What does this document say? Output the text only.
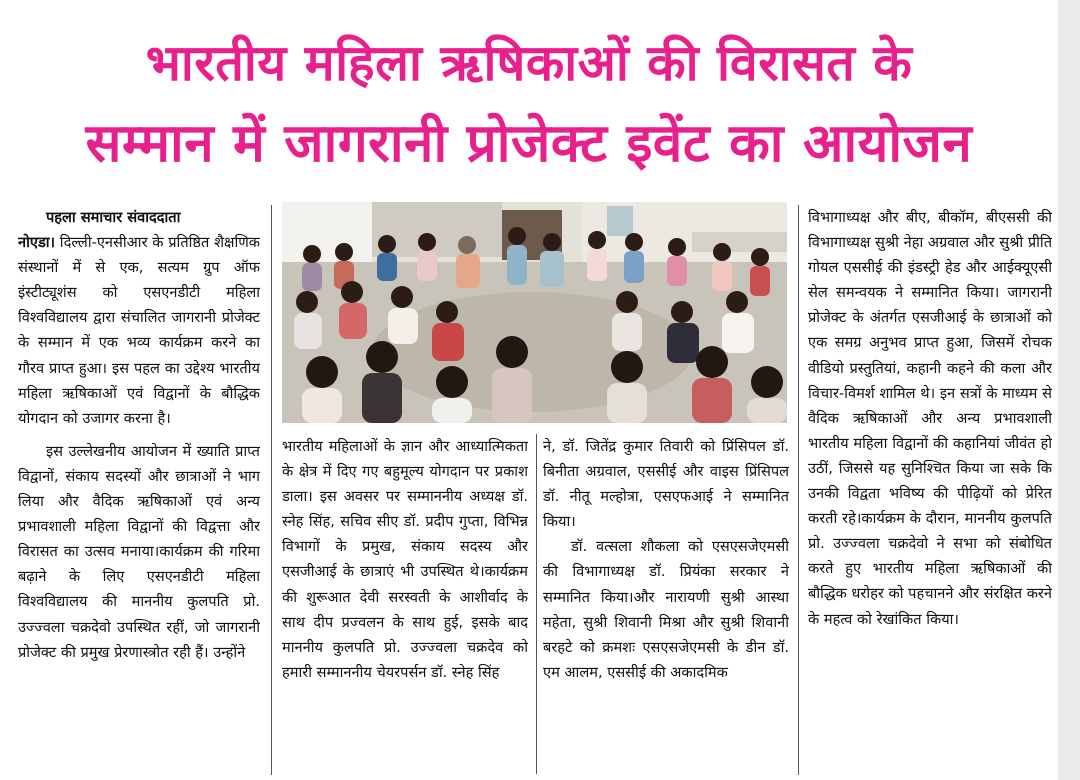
भारतीय महिला ऋषिकाओं की विरासत के
सम्मान में जागरानी प्रोजेक्ट इवेंट का आयोजन

पहला समाचार संवाददाता

नोएडा। दिल्ली-एनसीआर के प्रतिष्ठित शैक्षणिक संस्थानों में से एक, सत्यम ग्रुप ऑफ इंस्टीट्यूशंस को एसएनडीटी महिला विश्वविद्यालय द्वारा संचालित जागरानी प्रोजेक्ट के सम्मान में एक भव्य कार्यक्रम करने का गौरव प्राप्त हुआ। इस पहल का उद्देश्य भारतीय महिला ऋषिकाओं एवं विद्वानों के बौद्धिक योगदान को उजागर करना है।

इस उल्लेखनीय आयोजन में ख्याति प्राप्त विद्वानों, संकाय सदस्यों और छात्राओं ने भाग लिया और वैदिक ऋषिकाओं एवं अन्य प्रभावशाली महिला विद्वानों की विद्वत्ता और विरासत का उत्सव मनाया।कार्यक्रम की गरिमा बढ़ाने के लिए एसएनडीटी महिला विश्वविद्यालय की माननीय कुलपति प्रो. उज्ज्वला चक्रदेवो उपस्थित रहीं, जो जागरानी प्रोजेक्ट की प्रमुख प्रेरणास्त्रोत रही हैं। उन्होंने

भारतीय महिलाओं के ज्ञान और आध्यात्मिकता के क्षेत्र में दिए गए बहुमूल्य योगदान पर प्रकाश डाला। इस अवसर पर सम्माननीय अध्यक्ष डॉ. स्नेह सिंह, सचिव सीए डॉ. प्रदीप गुप्ता, विभिन्न विभागों के प्रमुख, संकाय सदस्य और एसजीआई के छात्राएं भी उपस्थित थे।कार्यक्रम की शुरूआत देवी सरस्वती के आशीर्वाद के साथ दीप प्रज्वलन के साथ हुई, इसके बाद माननीय कुलपति प्रो. उज्ज्वला चक्रदेव को हमारी सम्माननीय चेयरपर्सन डॉ. स्नेह सिंह

ने, डॉ. जितेंद्र कुमार तिवारी को प्रिंसिपल डॉ. बिनीता अग्रवाल, एससीई और वाइस प्रिंसिपल डॉ. नीतू मल्होत्रा, एसएफआई ने सम्मानित किया।

डॉ. वत्सला शौकला को एसएसजेएमसी की विभागाध्यक्ष डॉ. प्रियंका सरकार ने सम्मानित किया।और नारायणी सुश्री आस्था महेता, सुश्री शिवानी मिश्रा और सुश्री शिवानी बरहटे को क्रमशः एसएसजेएमसी के डीन डॉ. एम आलम, एससीई की अकादमिक

विभागाध्यक्ष और बीए, बीकॉम, बीएससी की विभागाध्यक्ष सुश्री नेहा अग्रवाल और सुश्री प्रीति गोयल एससीई की इंडस्ट्री हेड और आईक्यूएसी सेल समन्वयक ने सम्मानित किया। जागरानी प्रोजेक्ट के अंतर्गत एसजीआई के छात्राओं को एक समग्र अनुभव प्राप्त हुआ, जिसमें रोचक वीडियो प्रस्तुतियां, कहानी कहने की कला और विचार-विमर्श शामिल थे। इन सत्रों के माध्यम से वैदिक ऋषिकाओं और अन्य प्रभावशाली भारतीय महिला विद्वानों की कहानियां जीवंत हो उठीं, जिससे यह सुनिश्चित किया जा सके कि उनकी विद्वता भविष्य की पीढ़ियों को प्रेरित करती रहे।कार्यक्रम के दौरान, माननीय कुलपति प्रो. उज्ज्वला चक्रदेवो ने सभा को संबोधित करते हुए भारतीय महिला ऋषिकाओं की बौद्धिक धरोहर को पहचानने और संरक्षित करने के महत्व को रेखांकित किया।
